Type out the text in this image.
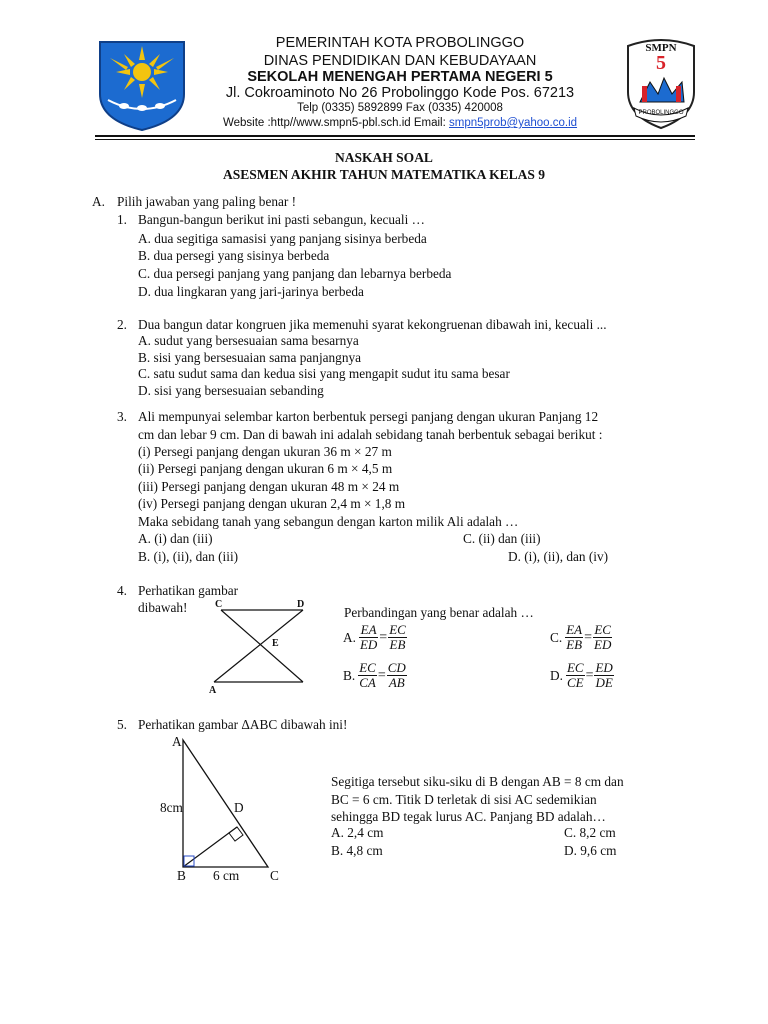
PEMERINTAH KOTA PROBOLINGGO
DINAS PENDIDIKAN DAN KEBUDAYAAN
SEKOLAH MENENGAH PERTAMA NEGERI 5
Jl. Cokroaminoto No 26 Probolinggo Kode Pos. 67213
Telp (0335) 5892899 Fax (0335) 420008
Website :http//www.smpn5-pbl.sch.id Email: smpn5prob@yahoo.co.id
SMPN
5
PROBOLINGGO
NASKAH SOAL
ASESMEN AKHIR TAHUN MATEMATIKA KELAS 9
A. Pilih jawaban yang paling benar !
1. Bangun-bangun berikut ini pasti sebangun, kecuali …
A. dua segitiga samasisi yang panjang sisinya berbeda
B. dua persegi yang sisinya berbeda
C. dua persegi panjang yang panjang dan lebarnya berbeda
D. dua lingkaran yang jari-jarinya berbeda
2. Dua bangun datar kongruen jika memenuhi syarat kekongruenan dibawah ini, kecuali ...
A. sudut yang bersesuaian sama besarnya
B. sisi yang bersesuaian sama panjangnya
C. satu sudut sama dan kedua sisi yang mengapit sudut itu sama besar
D. sisi yang bersesuaian sebanding
3. Ali mempunyai selembar karton berbentuk persegi panjang dengan ukuran Panjang 12
cm dan lebar 9 cm. Dan di bawah ini adalah sebidang tanah berbentuk sebagai berikut :
(i) Persegi panjang dengan ukuran 36 m × 27 m
(ii) Persegi panjang dengan ukuran 6 m × 4,5 m
(iii) Persegi panjang dengan ukuran 48 m × 24 m
(iv) Persegi panjang dengan ukuran 2,4 m × 1,8 m
Maka sebidang tanah yang sebangun dengan karton milik Ali adalah …
A. (i) dan (iii)	C. (ii) dan (iii)
B. (i), (ii), dan (iii)	D. (i), (ii), dan (iv)
4. Perhatikan gambar
dibawah!	C	D
E
A
Perbandingan yang benar adalah …
A. $\frac{EA}{ED} = \frac{EC}{EB}$	C. $\frac{EA}{EB} = \frac{EC}{ED}$
B. $\frac{EC}{CA} = \frac{CD}{AB}$	D. $\frac{EC}{CE} = \frac{ED}{DE}$
5. Perhatikan gambar ΔABC dibawah ini!
A
D
8cm
B 6 cm C
Segitiga tersebut siku-siku di B dengan AB = 8 cm dan
BC = 6 cm. Titik D terletak di sisi AC sedemikian
sehingga BD tegak lurus AC. Panjang BD adalah…
A. 2,4 cm	C. 8,2 cm
B. 4,8 cm	D. 9,6 cm
